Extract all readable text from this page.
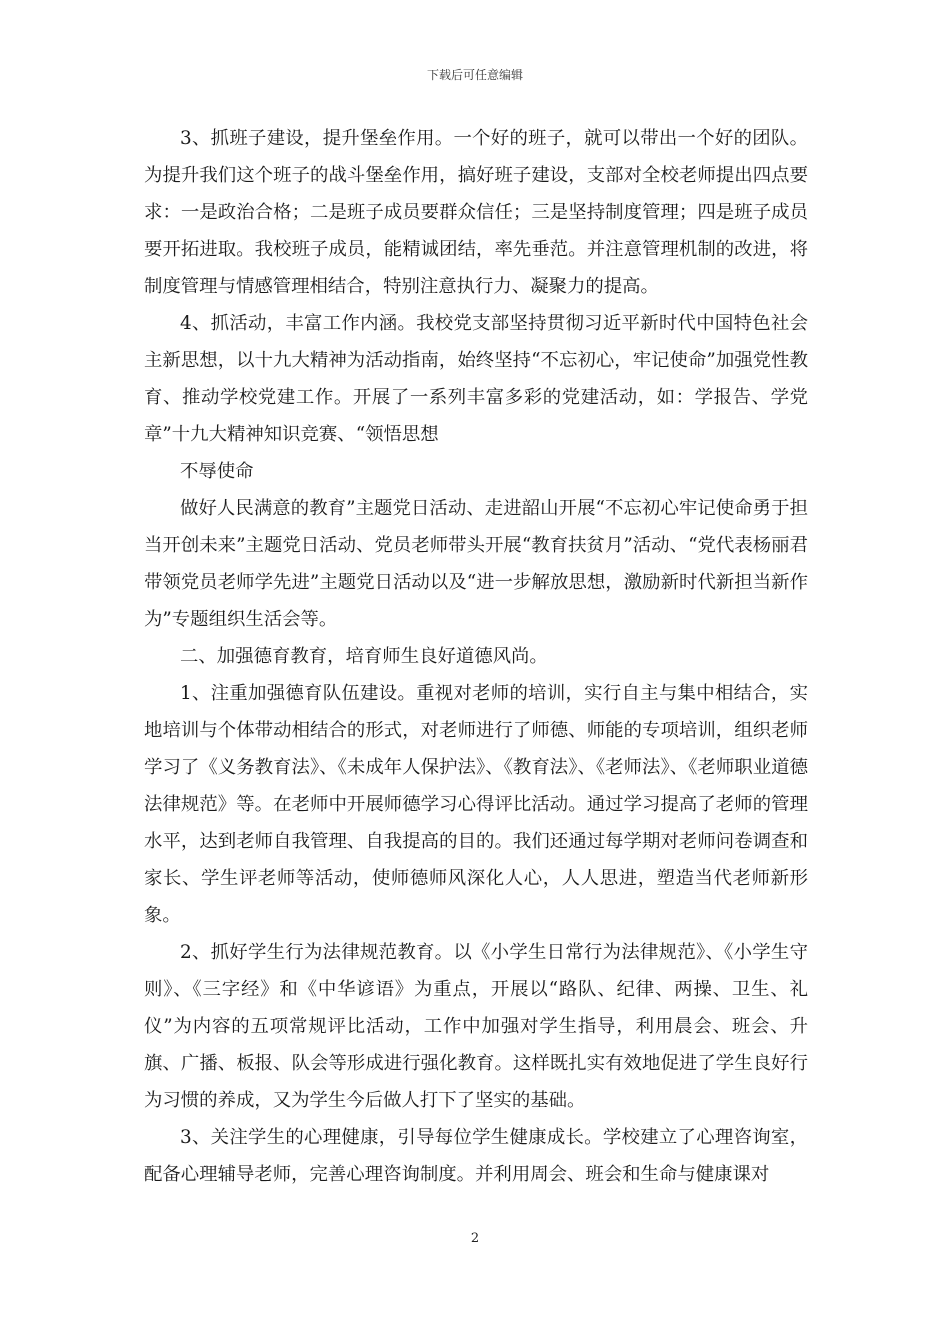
下载后可任意编辑

3、抓班子建设，提升堡垒作用。一个好的班子，就可以带出一个好的团队。为提升我们这个班子的战斗堡垒作用，搞好班子建设，支部对全校老师提出四点要求：一是政治合格；二是班子成员要群众信任；三是坚持制度管理；四是班子成员要开拓进取。我校班子成员，能精诚团结，率先垂范。并注意管理机制的改进，将制度管理与情感管理相结合，特别注意执行力、凝聚力的提高。

4、抓活动，丰富工作内涵。我校党支部坚持贯彻习近平新时代中国特色社会主新思想，以十九大精神为活动指南，始终坚持“不忘初心，牢记使命”加强党性教育、推动学校党建工作。开展了一系列丰富多彩的党建活动，如：学报告、学党章”十九大精神知识竞赛、“领悟思想

不辱使命

做好人民满意的教育”主题党日活动、走进韶山开展“不忘初心牢记使命勇于担当开创未来”主题党日活动、党员老师带头开展“教育扶贫月”活动、“党代表杨丽君带领党员老师学先进”主题党日活动以及“进一步解放思想，激励新时代新担当新作为”专题组织生活会等。

二、加强德育教育，培育师生良好道德风尚。

1、注重加强德育队伍建设。重视对老师的培训，实行自主与集中相结合，实地培训与个体带动相结合的形式，对老师进行了师德、师能的专项培训，组织老师学习了《义务教育法》、《未成年人保护法》、《教育法》、《老师法》、《老师职业道德法律规范》等。在老师中开展师德学习心得评比活动。通过学习提高了老师的管理水平，达到老师自我管理、自我提高的目的。我们还通过每学期对老师问卷调查和家长、学生评老师等活动，使师德师风深化人心，人人思进，塑造当代老师新形象。

2、抓好学生行为法律规范教育。以《小学生日常行为法律规范》、《小学生守则》、《三字经》和《中华谚语》为重点，开展以“路队、纪律、两操、卫生、礼仪”为内容的五项常规评比活动，工作中加强对学生指导，利用晨会、班会、升旗、广播、板报、队会等形成进行强化教育。这样既扎实有效地促进了学生良好行为习惯的养成，又为学生今后做人打下了坚实的基础。

3、关注学生的心理健康，引导每位学生健康成长。学校建立了心理咨询室，配备心理辅导老师，完善心理咨询制度。并利用周会、班会和生命与健康课对

2
